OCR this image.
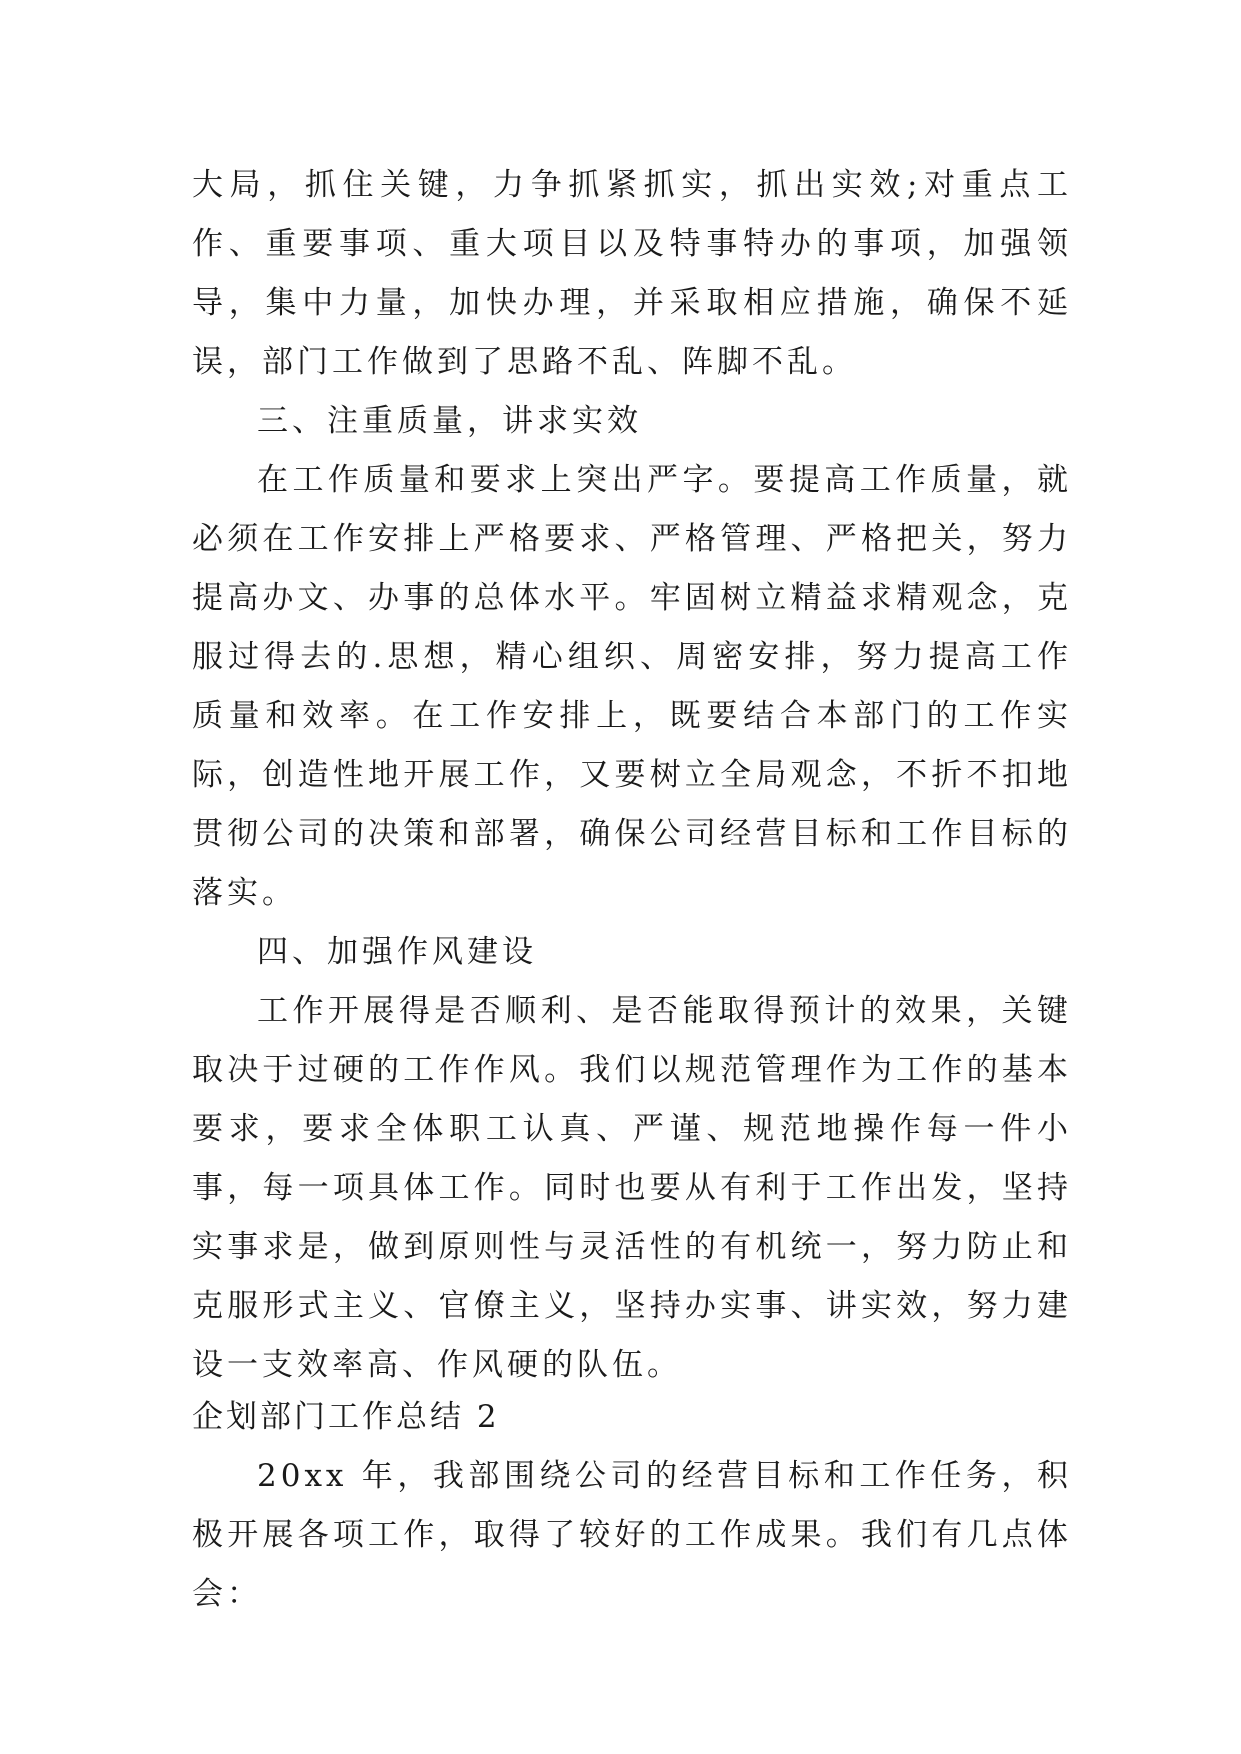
大局，抓住关键，力争抓紧抓实，抓出实效;对重点工作、重要事项、重大项目以及特事特办的事项，加强领导，集中力量，加快办理，并采取相应措施，确保不延误，部门工作做到了思路不乱、阵脚不乱。

三、注重质量，讲求实效

在工作质量和要求上突出严字。要提高工作质量，就必须在工作安排上严格要求、严格管理、严格把关，努力提高办文、办事的总体水平。牢固树立精益求精观念，克服过得去的.思想，精心组织、周密安排，努力提高工作质量和效率。在工作安排上，既要结合本部门的工作实际，创造性地开展工作，又要树立全局观念，不折不扣地贯彻公司的决策和部署，确保公司经营目标和工作目标的落实。

四、加强作风建设

工作开展得是否顺利、是否能取得预计的效果，关键取决于过硬的工作作风。我们以规范管理作为工作的基本要求，要求全体职工认真、严谨、规范地操作每一件小事，每一项具体工作。同时也要从有利于工作出发，坚持实事求是，做到原则性与灵活性的有机统一，努力防止和克服形式主义、官僚主义，坚持办实事、讲实效，努力建设一支效率高、作风硬的队伍。

企划部门工作总结 2

20xx 年，我部围绕公司的经营目标和工作任务，积极开展各项工作，取得了较好的工作成果。我们有几点体会：
